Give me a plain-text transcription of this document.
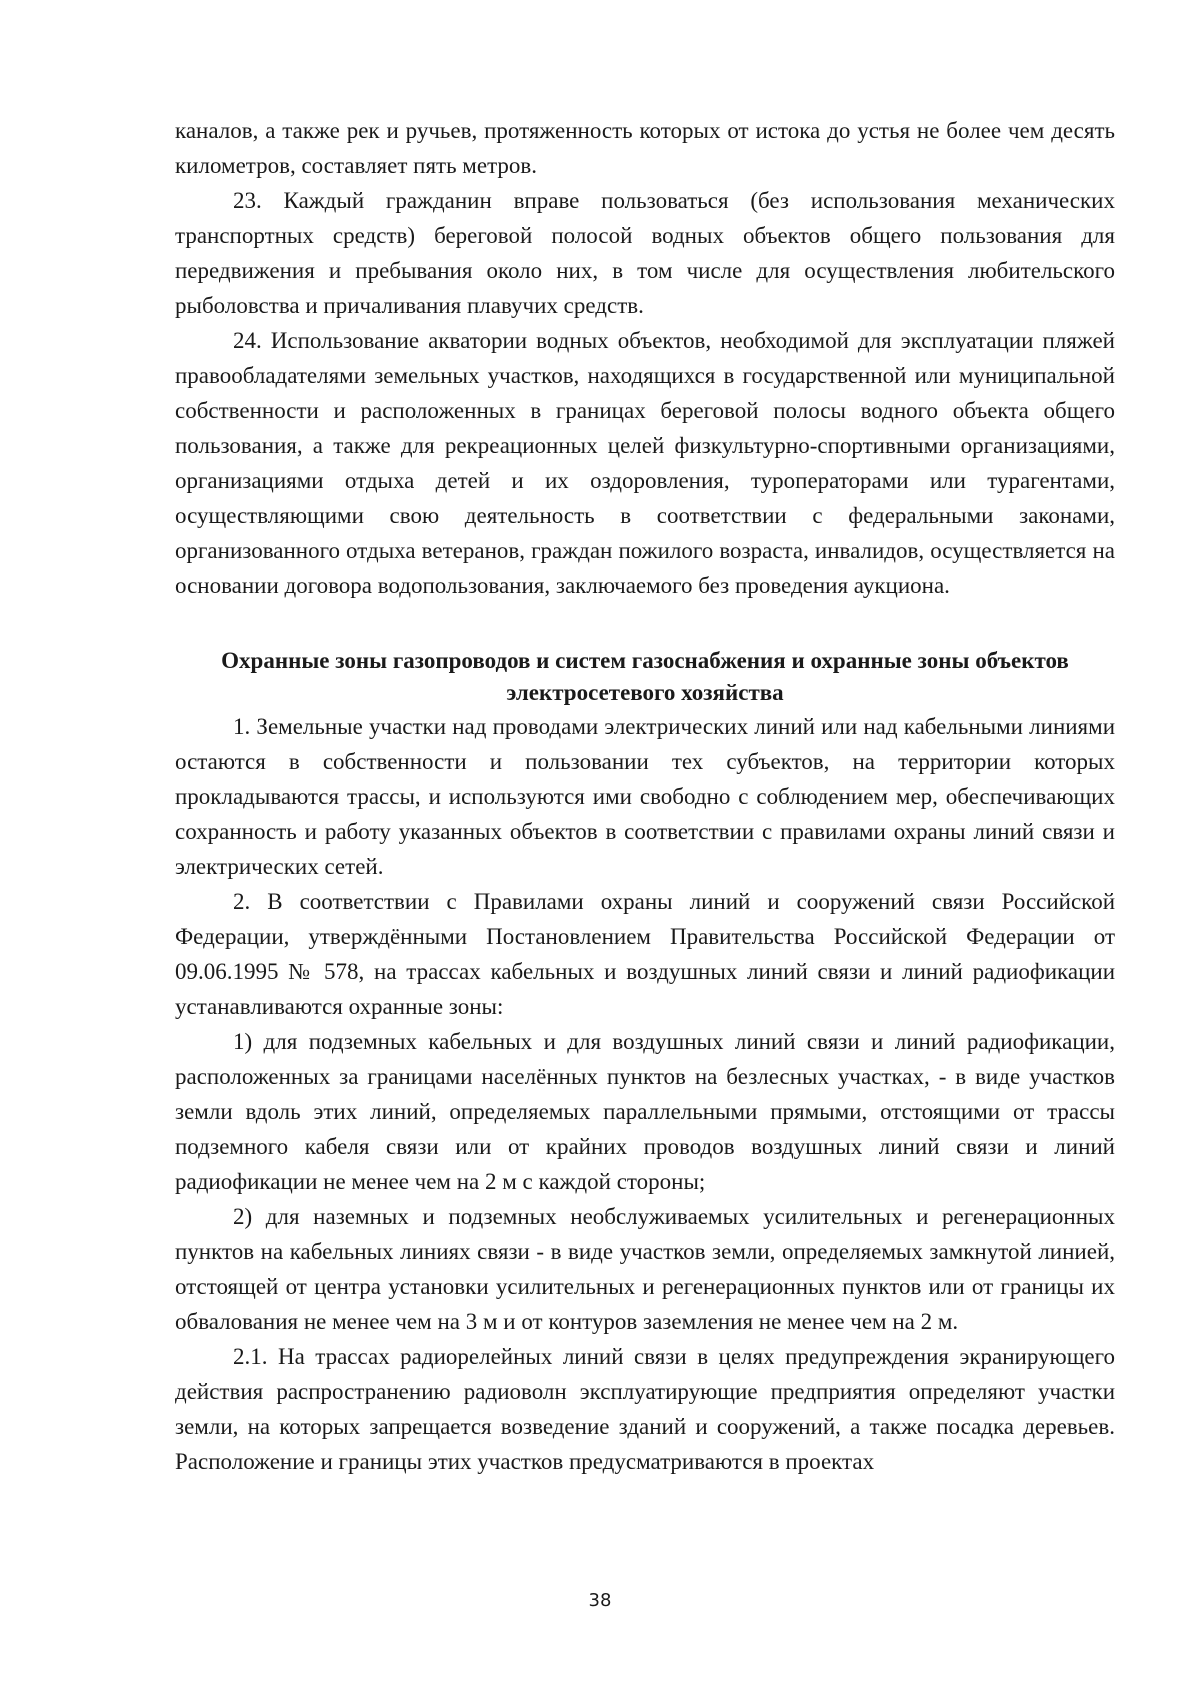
каналов, а также рек и ручьев, протяженность которых от истока до устья не более чем десять километров, составляет пять метров.

23. Каждый гражданин вправе пользоваться (без использования механических транспортных средств) береговой полосой водных объектов общего пользования для передвижения и пребывания около них, в том числе для осуществления любительского рыболовства и причаливания плавучих средств.

24. Использование акватории водных объектов, необходимой для эксплуатации пляжей правообладателями земельных участков, находящихся в государственной или муниципальной собственности и расположенных в границах береговой полосы водного объекта общего пользования, а также для рекреационных целей физкультурно-спортивными организациями, организациями отдыха детей и их оздоровления, туроператорами или турагентами, осуществляющими свою деятельность в соответствии с федеральными законами, организованного отдыха ветеранов, граждан пожилого возраста, инвалидов, осуществляется на основании договора водопользования, заключаемого без проведения аукциона.

Охранные зоны газопроводов и систем газоснабжения и охранные зоны объектов электросетевого хозяйства

1. Земельные участки над проводами электрических линий или над кабельными линиями остаются в собственности и пользовании тех субъектов, на территории которых прокладываются трассы, и используются ими свободно с соблюдением мер, обеспечивающих сохранность и работу указанных объектов в соответствии с правилами охраны линий связи и электрических сетей.

2. В соответствии с Правилами охраны линий и сооружений связи Российской Федерации, утверждёнными Постановлением Правительства Российской Федерации от 09.06.1995 № 578, на трассах кабельных и воздушных линий связи и линий радиофикации устанавливаются охранные зоны:

1) для подземных кабельных и для воздушных линий связи и линий радиофикации, расположенных за границами населённых пунктов на безлесных участках, - в виде участков земли вдоль этих линий, определяемых параллельными прямыми, отстоящими от трассы подземного кабеля связи или от крайних проводов воздушных линий связи и линий радиофикации не менее чем на 2 м с каждой стороны;

2) для наземных и подземных необслуживаемых усилительных и регенерационных пунктов на кабельных линиях связи - в виде участков земли, определяемых замкнутой линией, отстоящей от центра установки усилительных и регенерационных пунктов или от границы их обвалования не менее чем на 3 м и от контуров заземления не менее чем на 2 м.

2.1. На трассах радиорелейных линий связи в целях предупреждения экранирующего действия распространению радиоволн эксплуатирующие предприятия определяют участки земли, на которых запрещается возведение зданий и сооружений, а также посадка деревьев. Расположение и границы этих участков предусматриваются в проектах

38
